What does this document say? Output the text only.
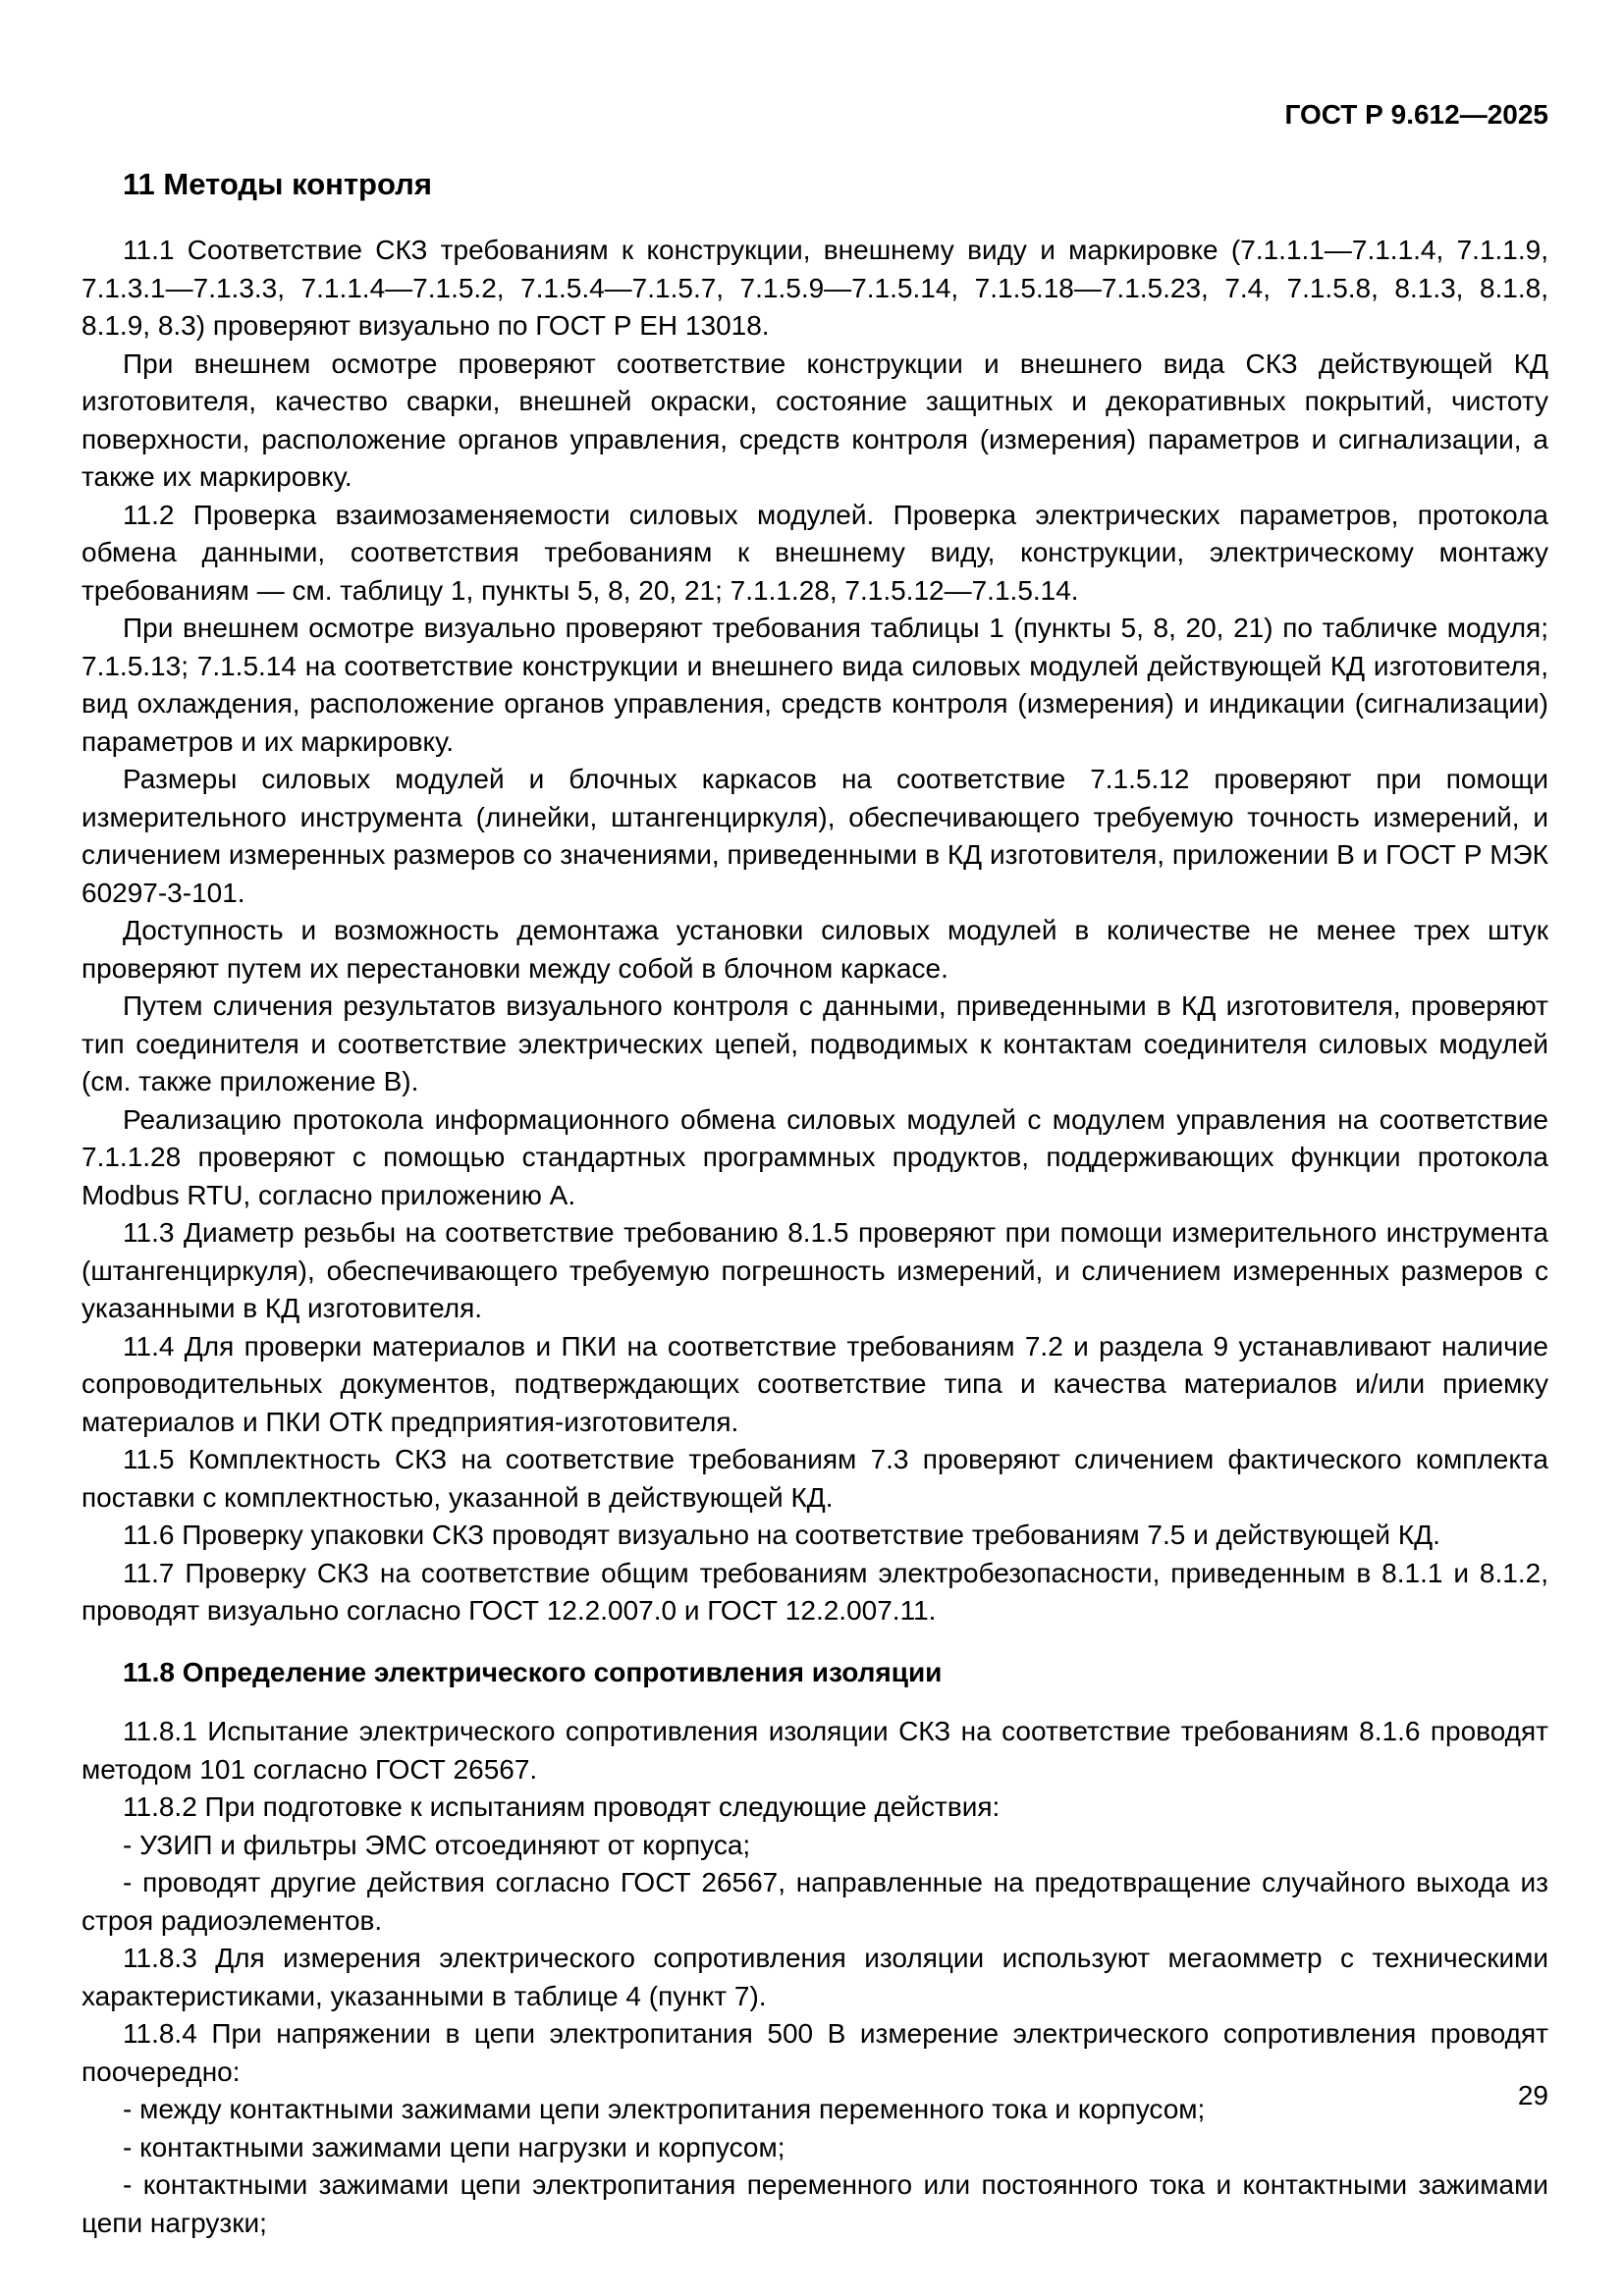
ГОСТ Р 9.612—2025
11 Методы контроля

11.1 Соответствие СКЗ требованиям к конструкции, внешнему виду и маркировке (7.1.1.1—7.1.1.4, 7.1.1.9, 7.1.3.1—7.1.3.3, 7.1.1.4—7.1.5.2, 7.1.5.4—7.1.5.7, 7.1.5.9—7.1.5.14, 7.1.5.18—7.1.5.23, 7.4, 7.1.5.8, 8.1.3, 8.1.8, 8.1.9, 8.3) проверяют визуально по ГОСТ Р ЕН 13018.

При внешнем осмотре проверяют соответствие конструкции и внешнего вида СКЗ действующей КД изготовителя, качество сварки, внешней окраски, состояние защитных и декоративных покрытий, чистоту поверхности, расположение органов управления, средств контроля (измерения) параметров и сигнализации, а также их маркировку.

11.2 Проверка взаимозаменяемости силовых модулей. Проверка электрических параметров, протокола обмена данными, соответствия требованиям к внешнему виду, конструкции, электрическому монтажу требованиям — см. таблицу 1, пункты 5, 8, 20, 21; 7.1.1.28, 7.1.5.12—7.1.5.14.

При внешнем осмотре визуально проверяют требования таблицы 1 (пункты 5, 8, 20, 21) по табличке модуля; 7.1.5.13; 7.1.5.14 на соответствие конструкции и внешнего вида силовых модулей действующей КД изготовителя, вид охлаждения, расположение органов управления, средств контроля (измерения) и индикации (сигнализации) параметров и их маркировку.

Размеры силовых модулей и блочных каркасов на соответствие 7.1.5.12 проверяют при помощи измерительного инструмента (линейки, штангенциркуля), обеспечивающего требуемую точность измерений, и сличением измеренных размеров со значениями, приведенными в КД изготовителя, приложении В и ГОСТ Р МЭК 60297-3-101.

Доступность и возможность демонтажа установки силовых модулей в количестве не менее трех штук проверяют путем их перестановки между собой в блочном каркасе.

Путем сличения результатов визуального контроля с данными, приведенными в КД изготовителя, проверяют тип соединителя и соответствие электрических цепей, подводимых к контактам соединителя силовых модулей (см. также приложение В).

Реализацию протокола информационного обмена силовых модулей с модулем управления на соответствие 7.1.1.28 проверяют с помощью стандартных программных продуктов, поддерживающих функции протокола Modbus RTU, согласно приложению А.

11.3 Диаметр резьбы на соответствие требованию 8.1.5 проверяют при помощи измерительного инструмента (штангенциркуля), обеспечивающего требуемую погрешность измерений, и сличением измеренных размеров с указанными в КД изготовителя.

11.4 Для проверки материалов и ПКИ на соответствие требованиям 7.2 и раздела 9 устанавливают наличие сопроводительных документов, подтверждающих соответствие типа и качества материалов и/или приемку материалов и ПКИ ОТК предприятия-изготовителя.

11.5 Комплектность СКЗ на соответствие требованиям 7.3 проверяют сличением фактического комплекта поставки с комплектностью, указанной в действующей КД.

11.6 Проверку упаковки СКЗ проводят визуально на соответствие требованиям 7.5 и действующей КД.

11.7 Проверку СКЗ на соответствие общим требованиям электробезопасности, приведенным в 8.1.1 и 8.1.2, проводят визуально согласно ГОСТ 12.2.007.0 и ГОСТ 12.2.007.11.

11.8 Определение электрического сопротивления изоляции

11.8.1 Испытание электрического сопротивления изоляции СКЗ на соответствие требованиям 8.1.6 проводят методом 101 согласно ГОСТ 26567.

11.8.2 При подготовке к испытаниям проводят следующие действия:

- УЗИП и фильтры ЭМС отсоединяют от корпуса;

- проводят другие действия согласно ГОСТ 26567, направленные на предотвращение случайного выхода из строя радиоэлементов.

11.8.3 Для измерения электрического сопротивления изоляции используют мегаомметр с техническими характеристиками, указанными в таблице 4 (пункт 7).

11.8.4 При напряжении в цепи электропитания 500 В измерение электрического сопротивления проводят поочередно:

- между контактными зажимами цепи электропитания переменного тока и корпусом;

- контактными зажимами цепи нагрузки и корпусом;

- контактными зажимами цепи электропитания переменного или постоянного тока и контактными зажимами цепи нагрузки;

29
